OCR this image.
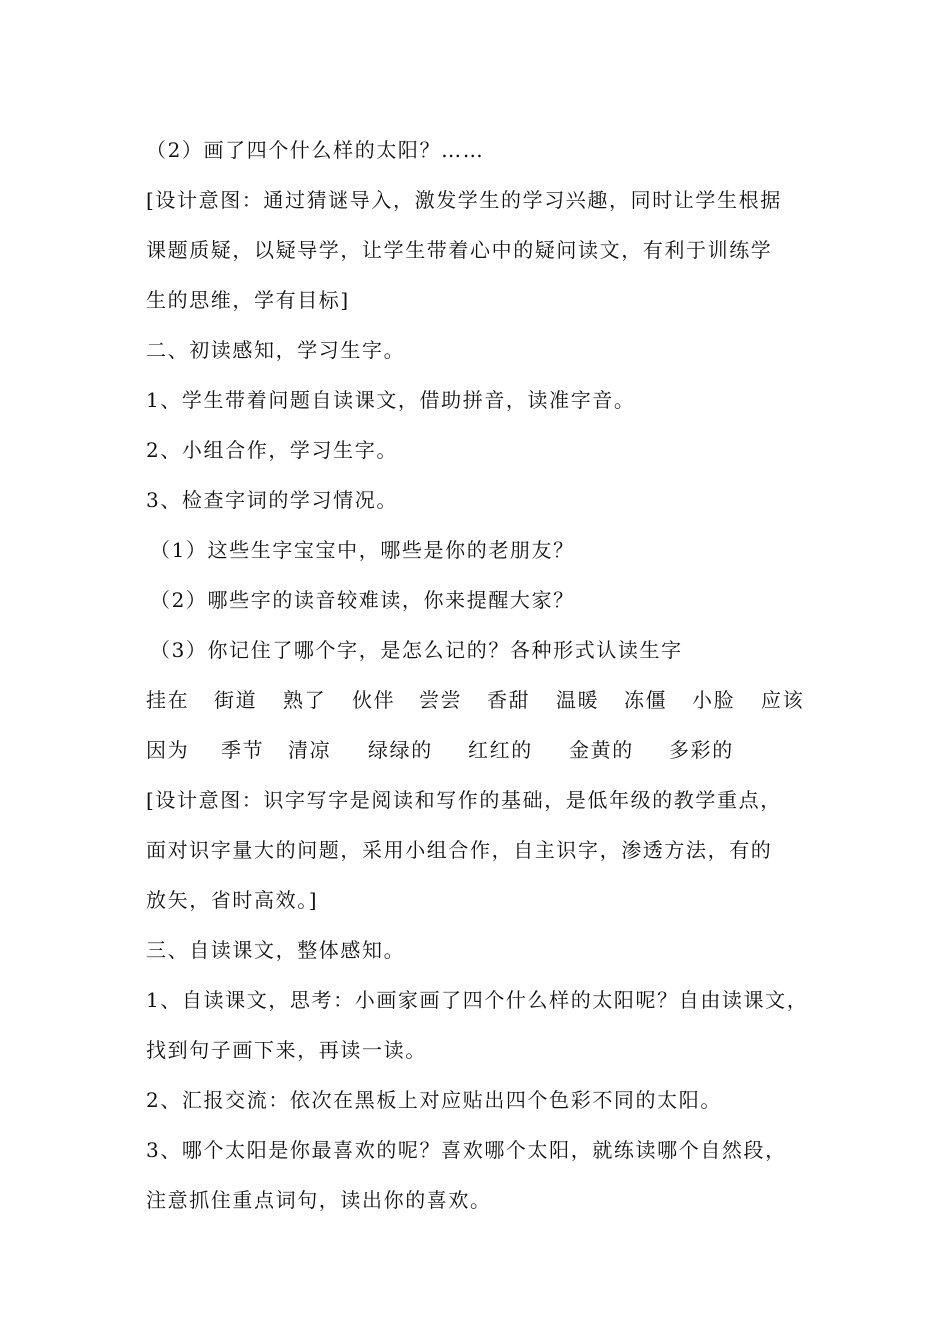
（2）画了四个什么样的太阳？……
[设计意图：通过猜谜导入，激发学生的学习兴趣，同时让学生根据
课题质疑，以疑导学，让学生带着心中的疑问读文，有利于训练学
生的思维，学有目标]
二、初读感知，学习生字。
1、学生带着问题自读课文，借助拼音，读准字音。
2、小组合作，学习生字。
3、检查字词的学习情况。
（1）这些生字宝宝中，哪些是你的老朋友？
（2）哪些字的读音较难读，你来提醒大家？
（3）你记住了哪个字，是怎么记的？各种形式认读生字
挂在 街道 熟了 伙伴 尝尝 香甜 温暖 冻僵 小脸 应该
因为 季节 清凉 绿绿的 红红的 金黄的 多彩的
[设计意图：识字写字是阅读和写作的基础，是低年级的教学重点，
面对识字量大的问题，采用小组合作，自主识字，渗透方法，有的
放矢，省时高效。]
三、自读课文，整体感知。
1、自读课文，思考：小画家画了四个什么样的太阳呢？自由读课文，
找到句子画下来，再读一读。
2、汇报交流：依次在黑板上对应贴出四个色彩不同的太阳。
3、哪个太阳是你最喜欢的呢？喜欢哪个太阳，就练读哪个自然段，
注意抓住重点词句，读出你的喜欢。
